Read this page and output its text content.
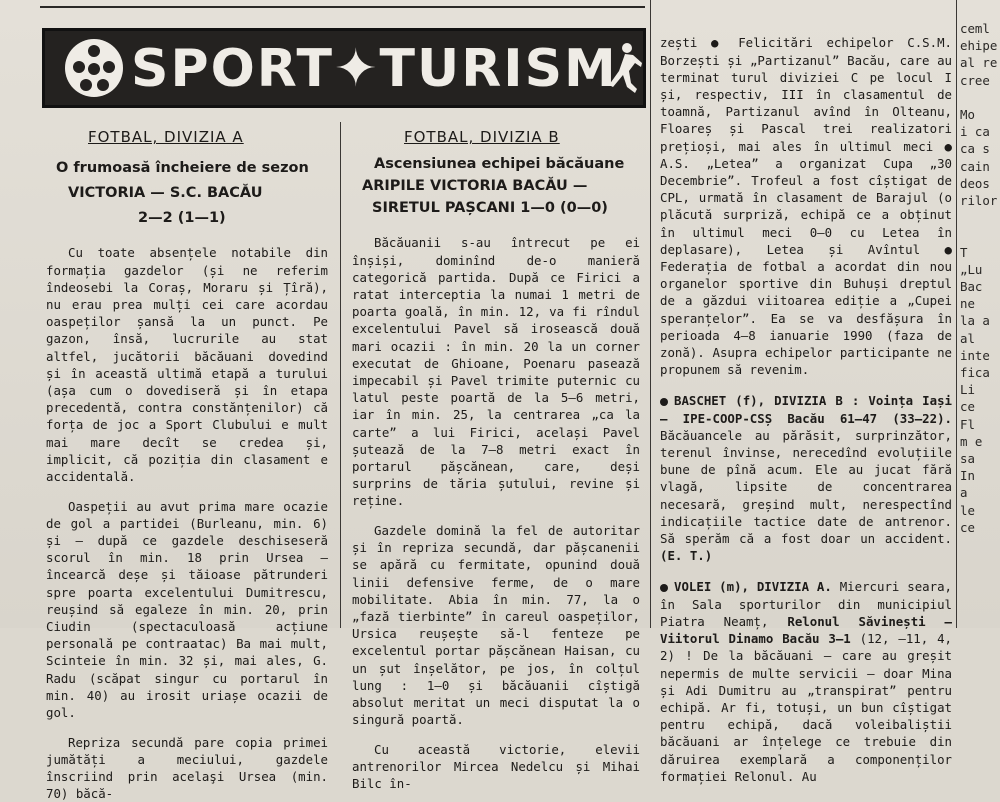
SPORT✦TURISM
FOTBAL, DIVIZIA A
O frumoasă încheiere de sezon
VICTORIA — S.C. BACĂU
2—2 (1—1)

Cu toate absențele notabile din formația gazdelor (și ne referim îndeosebi la Coraș, Moraru și Țîră), nu erau prea mulți cei care acordau oaspeților șansă la un punct. Pe gazon, însă, lucrurile au stat altfel, jucătorii băcăuani dovedind și în această ultimă etapă a turului (așa cum o dovediseră și în etapa precedentă, contra constănțenilor) că forța de joc a Sport Clubului e mult mai mare decît se credea și, implicit, că poziția din clasament e accidentală.

Oaspeții au avut prima mare ocazie de gol a partidei (Burleanu, min. 6) și — după ce gazdele deschiseseră scorul în min. 18 prin Ursea — încearcă deșe și tăioase pătrunderi spre poarta excelentului Dumitrescu, reușind să egaleze în min. 20, prin Ciudin (spectaculoasă acțiune personală pe contraatac) Ba mai mult, Scinteie în min. 32 și, mai ales, G. Radu (scăpat singur cu portarul în min. 40) au irosit uriașe ocazii de gol.

Repriza secundă pare copia primei jumătăți a meciului, gazdele înscriind prin acelaşi Ursea (min. 70) băcă-

FOTBAL, DIVIZIA B
Ascensiunea echipei băcăuane
ARIPILE VICTORIA BACĂU —
SIRETUL PAȘCANI 1—0 (0—0)

Băcăuanii s-au întrecut pe ei înșiși, dominînd de-o manieră categorică partida. După ce Firici a ratat interceptia la numai 1 metri de poarta goală, în min. 12, va fi rîndul excelentului Pavel să irosească două mari ocazii : în min. 20 la un corner executat de Ghioane, Poenaru pasează impecabil și Pavel trimite puternic cu latul peste poartă de la 5—6 metri, iar în min. 25, la centrarea „ca la carte” a lui Firici, același Pavel șutează de la 7—8 metri exact în portarul pășcănean, care, deși surprins de tăria șutului, revine și reține.

Gazdele domină la fel de autoritar și în repriza secundă, dar pășcanenii se apără cu fermitate, opunind două linii defensive ferme, de o mare mobilitate. Abia în min. 77, la o „fază tierbinte” în careul oaspeților, Ursica reușește să-l fenteze pe excelentul portar pășcănean Haisan, cu un șut înșelător, pe jos, în colțul lung : 1—0 și băcăuanii cîștigă absolut meritat un meci disputat la o singură poartă.

Cu această victorie, elevii antrenorilor Mircea Nedelcu și Mihai Bilc în-

zești ● Felicitări echipelor C.S.M. Borzești și „Partizanul” Bacău, care au terminat turul diviziei C pe locul I și, respectiv, III în clasamentul de toamnă, Partizanul avînd în Olteanu, Floareș și Pascal trei realizatori prețioși, mai ales în ultimul meci ● A.S. „Letea” a organizat Cupa „30 Decembrie”. Trofeul a fost cîștigat de CPL, urmată în clasament de Barajul (o plăcută surpriză, echipă ce a obținut în ultimul meci 0—0 cu Letea în deplasare), Letea și Avîntul ● Federația de fotbal a acordat din nou organelor sportive din Buhuși dreptul de a găzdui viitoarea ediție a „Cupei speranțelor”. Ea se va desfășura în perioada 4—8 ianuarie 1990 (faza de zonă). Asupra echipelor participante ne propunem să revenim.

BASCHET (f), DIVIZIA B : Voința Iași — IPE-COOP-CSȘ Bacău 61—47 (33—22). Băcăuancele au părăsit, surprinzător, terenul învinse, nerecedînd evoluțiile bune de pînă acum. Ele au jucat fără vlagă, lipsite de concentrarea necesară, greșind mult, nerespectînd indicațiile tactice date de antrenor. Să sperăm că a fost doar un accident. (E. T.)

VOLEI (m), DIVIZIA A. Miercuri seara, în Sala sporturilor din municipiul Piatra Neamț, Relonul Săvinești — Viitorul Dinamo Bacău 3—1 (12, —11, 4, 2) ! De la băcăuani — care au greșit nepermis de multe servicii — doar Mina și Adi Dumitru au „transpirat” pentru echipă. Ar fi, totuși, un bun cîștigat pentru echipă, dacă voleibaliștii băcăuani ar înțelege ce trebuie din dăruirea exemplară a componenților formației Relonul. Au

ceml
ehipe
al re
cree

Mo
i ca
ca s
cain
deos
rilor

T
„Lu
Bac
ne
la a
al
inte
fica
Li
ce
Fl
m e
sa
In
a
le
ce
